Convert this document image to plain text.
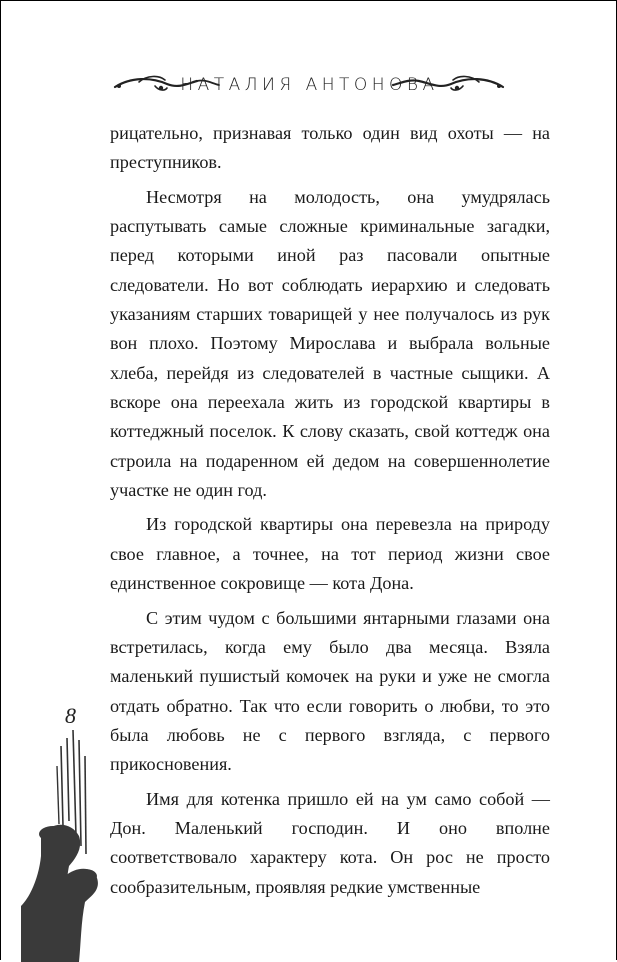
НАТАЛИЯ АНТОНОВА

рицательно, признавая только один вид охоты — на преступников.

Несмотря на молодость, она умудрялась распутывать самые сложные криминальные загадки, перед которыми иной раз пасовали опытные следователи. Но вот соблюдать иерархию и следовать указаниям старших товарищей у нее получалось из рук вон плохо. Поэтому Мирослава и выбрала вольные хлеба, перейдя из следователей в частные сыщики. А вскоре она переехала жить из городской квартиры в коттеджный поселок. К слову сказать, свой коттедж она строила на подаренном ей дедом на совершеннолетие участке не один год.

Из городской квартиры она перевезла на природу свое главное, а точнее, на тот период жизни свое единственное сокровище — кота Дона.

С этим чудом с большими янтарными глазами она встретилась, когда ему было два месяца. Взяла маленький пушистый комочек на руки и уже не смогла отдать обратно. Так что если говорить о любви, то это была любовь не с первого взгляда, с первого прикосновения.

Имя для котенка пришло ей на ум само собой — Дон. Маленький господин. И оно вполне соответствовало характеру кота. Он рос не просто сообразительным, проявляя редкие умственные

8
